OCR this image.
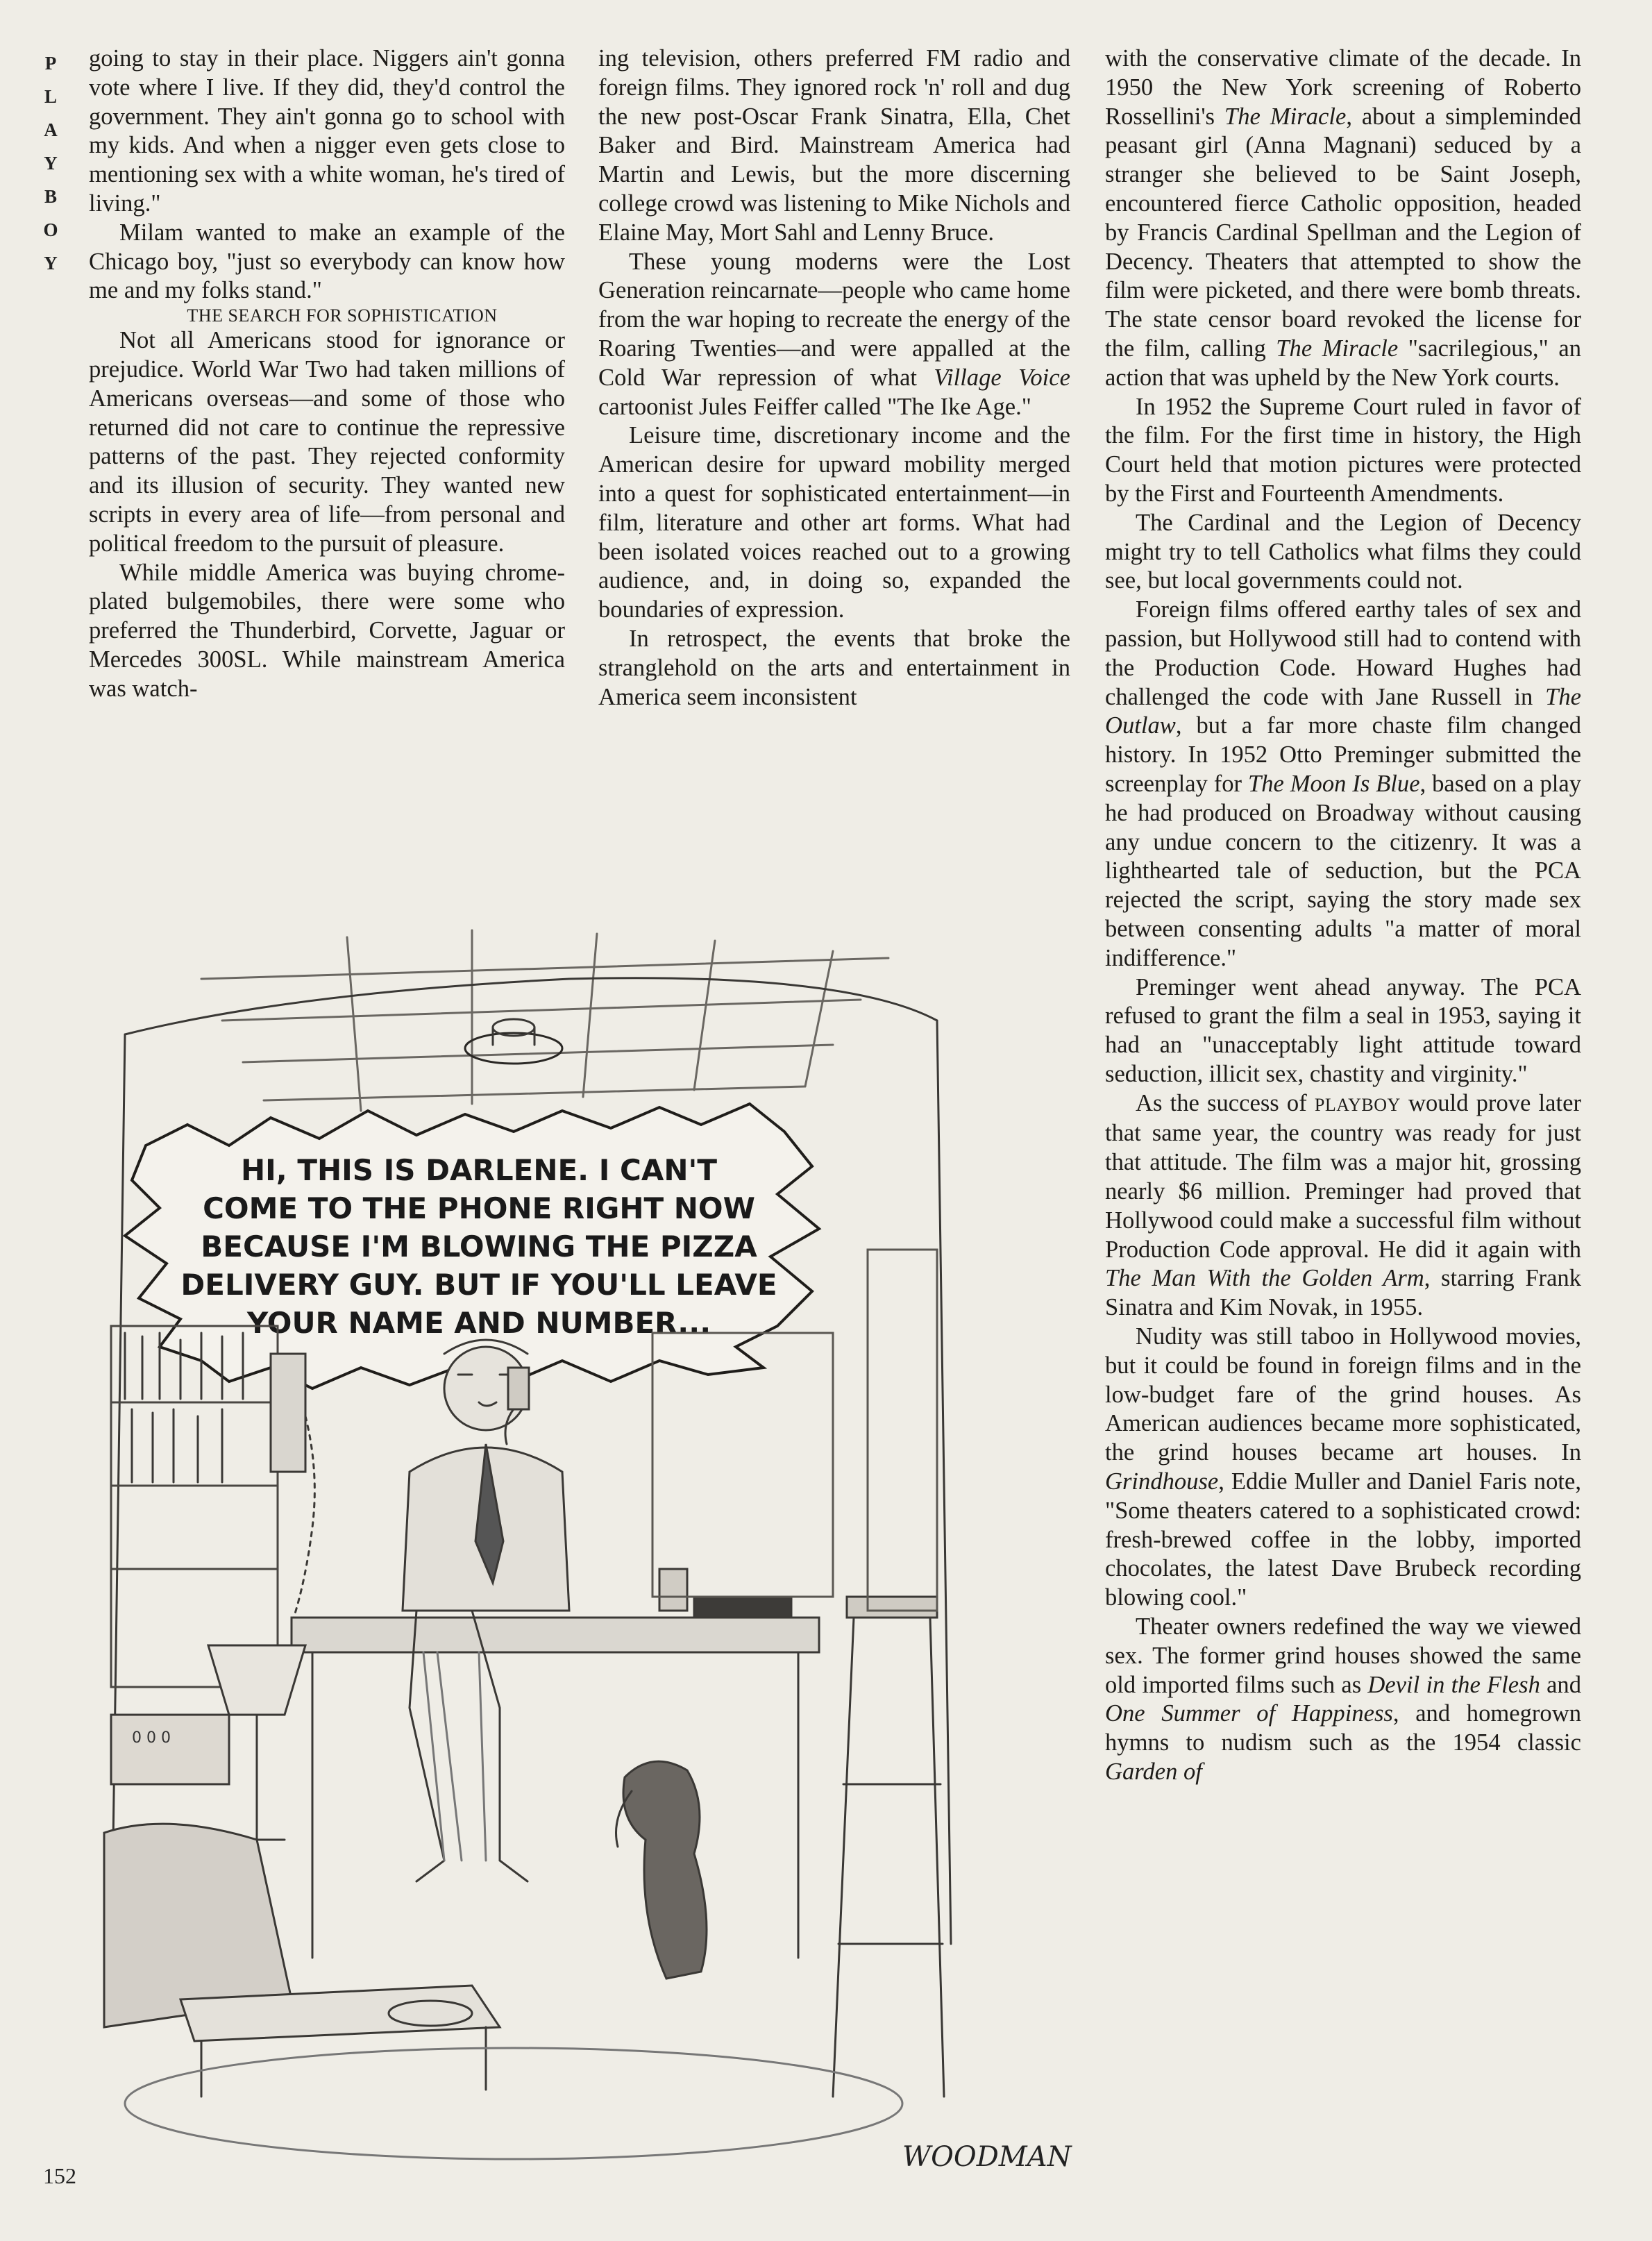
P
L
A
Y
B
O
Y

going to stay in their place. Niggers ain't gonna vote where I live. If they did, they'd control the government. They ain't gonna go to school with my kids. And when a nigger even gets close to mentioning sex with a white woman, he's tired of living."

Milam wanted to make an example of the Chicago boy, "just so everybody can know how me and my folks stand."

THE SEARCH FOR SOPHISTICATION

Not all Americans stood for ignorance or prejudice. World War Two had taken millions of Americans overseas—and some of those who returned did not care to continue the repressive patterns of the past. They rejected conformity and its illusion of security. They wanted new scripts in every area of life—from personal and political freedom to the pursuit of pleasure.

While middle America was buying chrome-plated bulgemobiles, there were some who preferred the Thunderbird, Corvette, Jaguar or Mercedes 300SL. While mainstream America was watch-

ing television, others preferred FM radio and foreign films. They ignored rock 'n' roll and dug the new post-Oscar Frank Sinatra, Ella, Chet Baker and Bird. Mainstream America had Martin and Lewis, but the more discerning college crowd was listening to Mike Nichols and Elaine May, Mort Sahl and Lenny Bruce.

These young moderns were the Lost Generation reincarnate—people who came home from the war hoping to recreate the energy of the Roaring Twenties—and were appalled at the Cold War repression of what Village Voice cartoonist Jules Feiffer called "The Ike Age."

Leisure time, discretionary income and the American desire for upward mobility merged into a quest for sophisticated entertainment—in film, literature and other art forms. What had been isolated voices reached out to a growing audience, and, in doing so, expanded the boundaries of expression.

In retrospect, the events that broke the stranglehold on the arts and entertainment in America seem inconsistent

with the conservative climate of the decade. In 1950 the New York screening of Roberto Rossellini's The Miracle, about a simpleminded peasant girl (Anna Magnani) seduced by a stranger she believed to be Saint Joseph, encountered fierce Catholic opposition, headed by Francis Cardinal Spellman and the Legion of Decency. Theaters that attempted to show the film were picketed, and there were bomb threats. The state censor board revoked the license for the film, calling The Miracle "sacrilegious," an action that was upheld by the New York courts.

In 1952 the Supreme Court ruled in favor of the film. For the first time in history, the High Court held that motion pictures were protected by the First and Fourteenth Amendments.

The Cardinal and the Legion of Decency might try to tell Catholics what films they could see, but local governments could not.

Foreign films offered earthy tales of sex and passion, but Hollywood still had to contend with the Production Code. Howard Hughes had challenged the code with Jane Russell in The Outlaw, but a far more chaste film changed history. In 1952 Otto Preminger submitted the screenplay for The Moon Is Blue, based on a play he had produced on Broadway without causing any undue concern to the citizenry. It was a lighthearted tale of seduction, but the PCA rejected the script, saying the story made sex between consenting adults "a matter of moral indifference."

Preminger went ahead anyway. The PCA refused to grant the film a seal in 1953, saying it had an "unacceptably light attitude toward seduction, illicit sex, chastity and virginity."

As the success of PLAYBOY would prove later that same year, the country was ready for just that attitude. The film was a major hit, grossing nearly $6 million. Preminger had proved that Hollywood could make a successful film without Production Code approval. He did it again with The Man With the Golden Arm, starring Frank Sinatra and Kim Novak, in 1955.

Nudity was still taboo in Hollywood movies, but it could be found in foreign films and in the low-budget fare of the grind houses. As American audiences became more sophisticated, the grind houses became art houses. In Grindhouse, Eddie Muller and Daniel Faris note, "Some theaters catered to a sophisticated crowd: fresh-brewed coffee in the lobby, imported chocolates, the latest Dave Brubeck recording blowing cool."

Theater owners redefined the way we viewed sex. The former grind houses showed the same old imported films such as Devil in the Flesh and One Summer of Happiness, and homegrown hymns to nudism such as the 1954 classic Garden of

HI, THIS IS DARLENE. I CAN'T
COME TO THE PHONE RIGHT NOW
BECAUSE I'M BLOWING THE PIZZA
DELIVERY GUY. BUT IF YOU'LL LEAVE
YOUR NAME AND NUMBER...
0 0 0
WOODMAN
152
